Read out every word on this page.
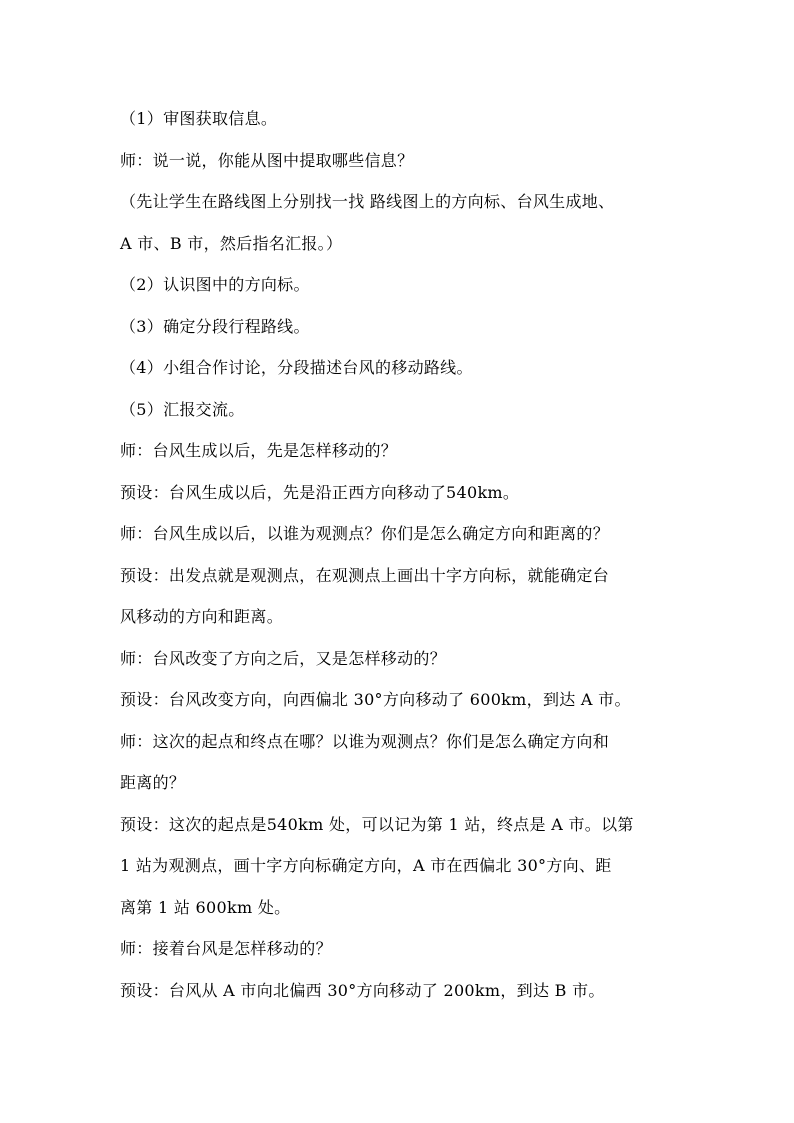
（1）审图获取信息。
师：说一说，你能从图中提取哪些信息？
（先让学生在路线图上分别找一找 路线图上的方向标、台风生成地、
A 市、B 市，然后指名汇报。）
（2）认识图中的方向标。
（3）确定分段行程路线。
（4）小组合作讨论，分段描述台风的移动路线。
（5）汇报交流。
师：台风生成以后，先是怎样移动的？
预设：台风生成以后，先是沿正西方向移动了540km。
师：台风生成以后，以谁为观测点？你们是怎么确定方向和距离的？
预设：出发点就是观测点，在观测点上画出十字方向标，就能确定台
风移动的方向和距离。
师：台风改变了方向之后，又是怎样移动的？
预设：台风改变方向，向西偏北 30°方向移动了 600km，到达 A 市。
师：这次的起点和终点在哪？以谁为观测点？你们是怎么确定方向和
距离的？
预设：这次的起点是540km 处，可以记为第 1 站，终点是 A 市。以第
1 站为观测点，画十字方向标确定方向，A 市在西偏北 30°方向、距
离第 1 站 600km 处。
师：接着台风是怎样移动的？
预设：台风从 A 市向北偏西 30°方向移动了 200km，到达 B 市。
